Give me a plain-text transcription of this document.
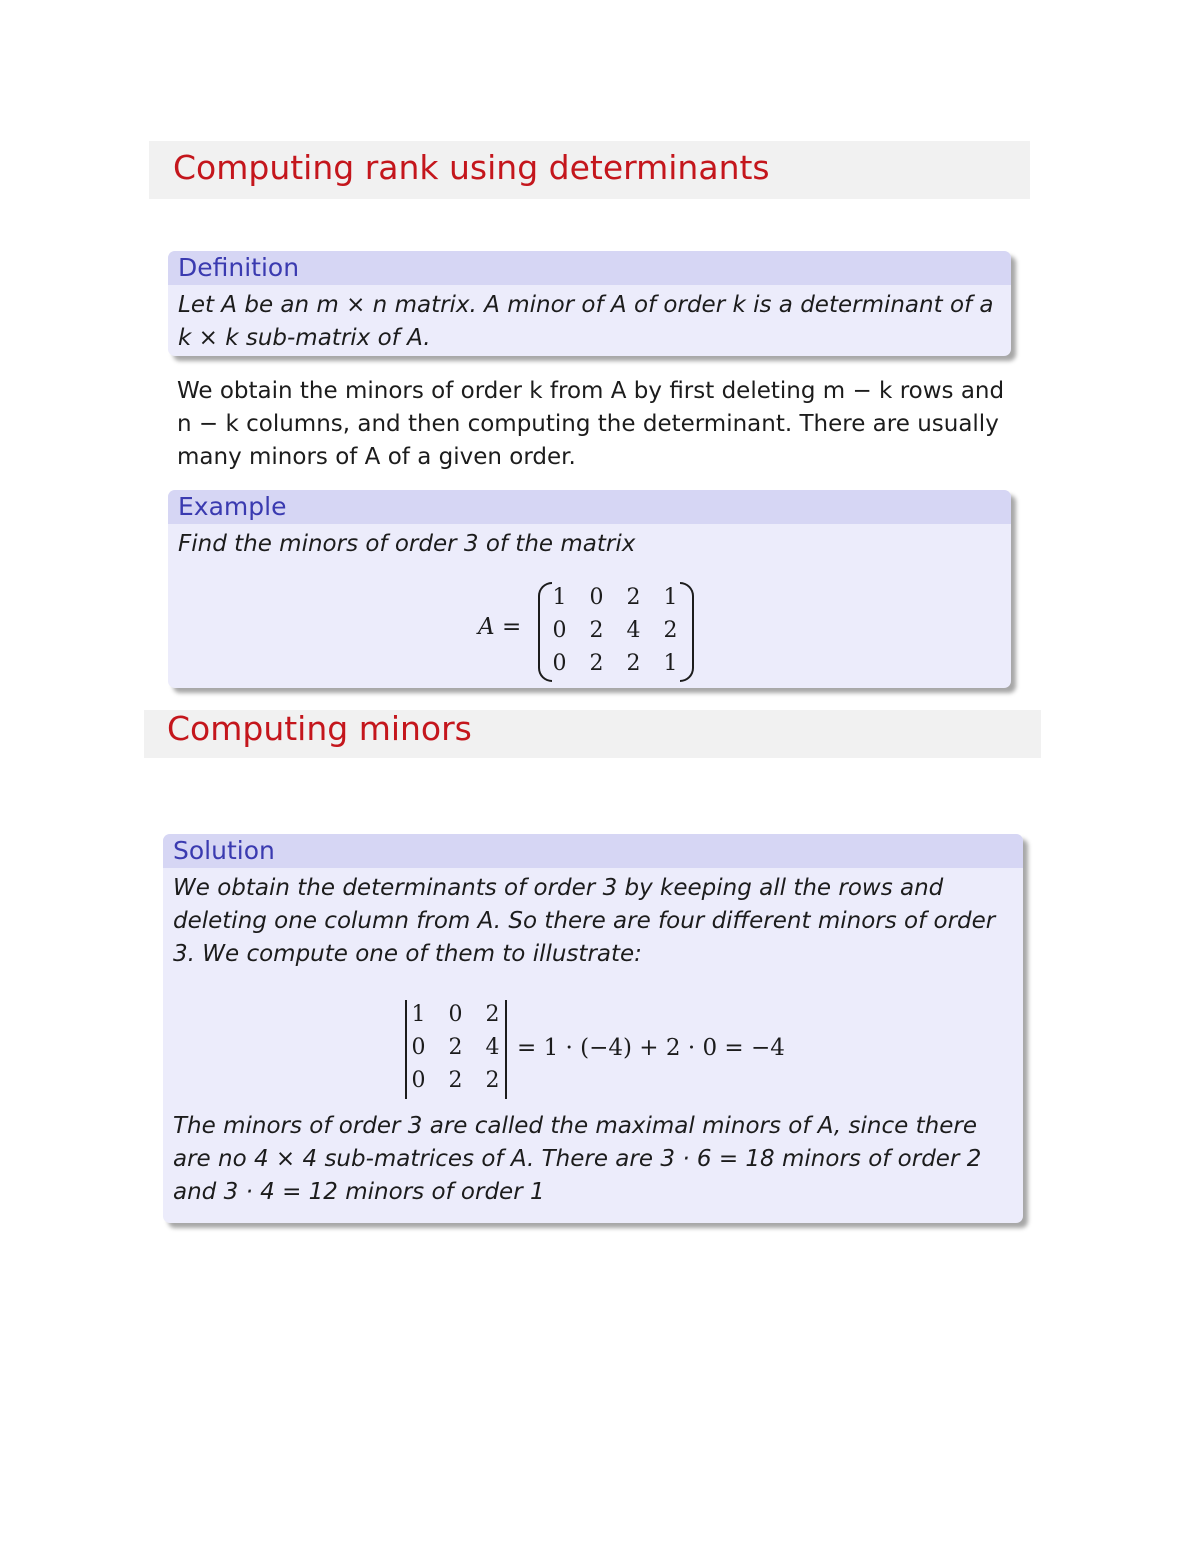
Computing rank using determinants
Definition
Let A be an m × n matrix. A minor of A of order k is a determinant of a k × k sub-matrix of A.
We obtain the minors of order k from A by first deleting m − k rows and n − k columns, and then computing the determinant. There are usually many minors of A of a given order.
Example
Find the minors of order 3 of the matrix
A =
1	0	2	1
0	2	4	2
0	2	2	1
Computing minors
Solution
We obtain the determinants of order 3 by keeping all the rows and deleting one column from A. So there are four different minors of order 3. We compute one of them to illustrate:
The minors of order 3 are called the maximal minors of A, since there are no 4 × 4 sub-matrices of A. There are 3 · 6 = 18 minors of order 2 and 3 · 4 = 12 minors of order 1
1	0	2
0	2	4
0	2	2
= 1 · (−4) + 2 · 0 = −4
